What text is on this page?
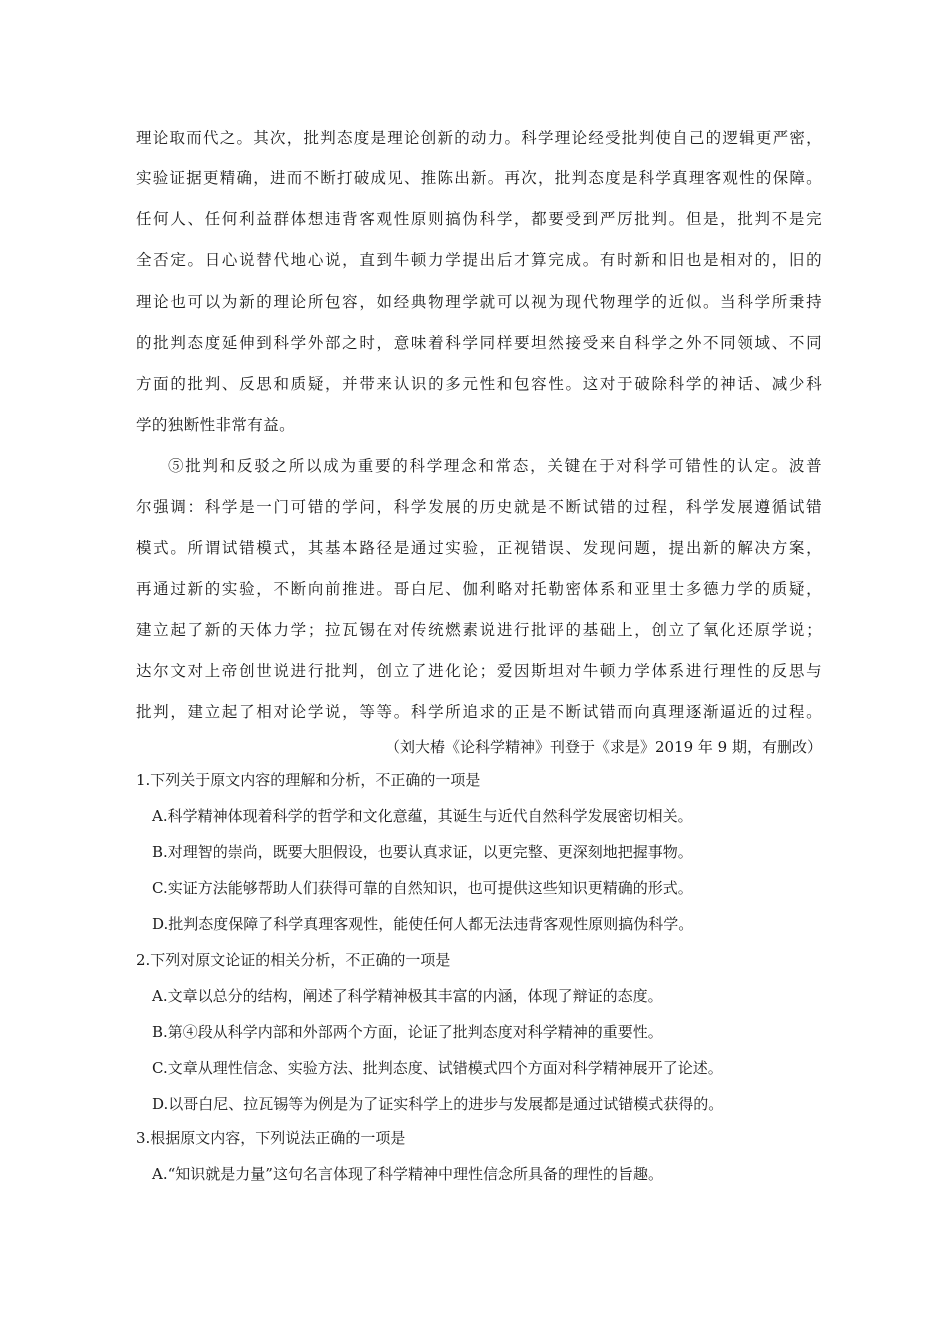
理论取而代之。其次，批判态度是理论创新的动力。科学理论经受批判使自己的逻辑更严密，
实验证据更精确，进而不断打破成见、推陈出新。再次，批判态度是科学真理客观性的保障。
任何人、任何利益群体想违背客观性原则搞伪科学，都要受到严厉批判。但是，批判不是完
全否定。日心说替代地心说，直到牛顿力学提出后才算完成。有时新和旧也是相对的，旧的
理论也可以为新的理论所包容，如经典物理学就可以视为现代物理学的近似。当科学所秉持
的批判态度延伸到科学外部之时，意味着科学同样要坦然接受来自科学之外不同领域、不同
方面的批判、反思和质疑，并带来认识的多元性和包容性。这对于破除科学的神话、减少科
学的独断性非常有益。
⑤批判和反驳之所以成为重要的科学理念和常态，关键在于对科学可错性的认定。波普
尔强调：科学是一门可错的学问，科学发展的历史就是不断试错的过程，科学发展遵循试错
模式。所谓试错模式，其基本路径是通过实验，正视错误、发现问题，提出新的解决方案，
再通过新的实验，不断向前推进。哥白尼、伽利略对托勒密体系和亚里士多德力学的质疑，
建立起了新的天体力学；拉瓦锡在对传统燃素说进行批评的基础上，创立了氧化还原学说；
达尔文对上帝创世说进行批判，创立了进化论；爱因斯坦对牛顿力学体系进行理性的反思与
批判，建立起了相对论学说，等等。科学所追求的正是不断试错而向真理逐渐逼近的过程。
（刘大椿《论科学精神》刊登于《求是》2019 年 9 期，有删改）
1.下列关于原文内容的理解和分析，不正确的一项是
A.科学精神体现着科学的哲学和文化意蕴，其诞生与近代自然科学发展密切相关。
B.对理智的崇尚，既要大胆假设，也要认真求证，以更完整、更深刻地把握事物。
C.实证方法能够帮助人们获得可靠的自然知识，也可提供这些知识更精确的形式。
D.批判态度保障了科学真理客观性，能使任何人都无法违背客观性原则搞伪科学。
2.下列对原文论证的相关分析，不正确的一项是
A.文章以总分的结构，阐述了科学精神极其丰富的内涵，体现了辩证的态度。
B.第④段从科学内部和外部两个方面，论证了批判态度对科学精神的重要性。
C.文章从理性信念、实验方法、批判态度、试错模式四个方面对科学精神展开了论述。
D.以哥白尼、拉瓦锡等为例是为了证实科学上的进步与发展都是通过试错模式获得的。
3.根据原文内容，下列说法正确的一项是
A.“知识就是力量”这句名言体现了科学精神中理性信念所具备的理性的旨趣。
